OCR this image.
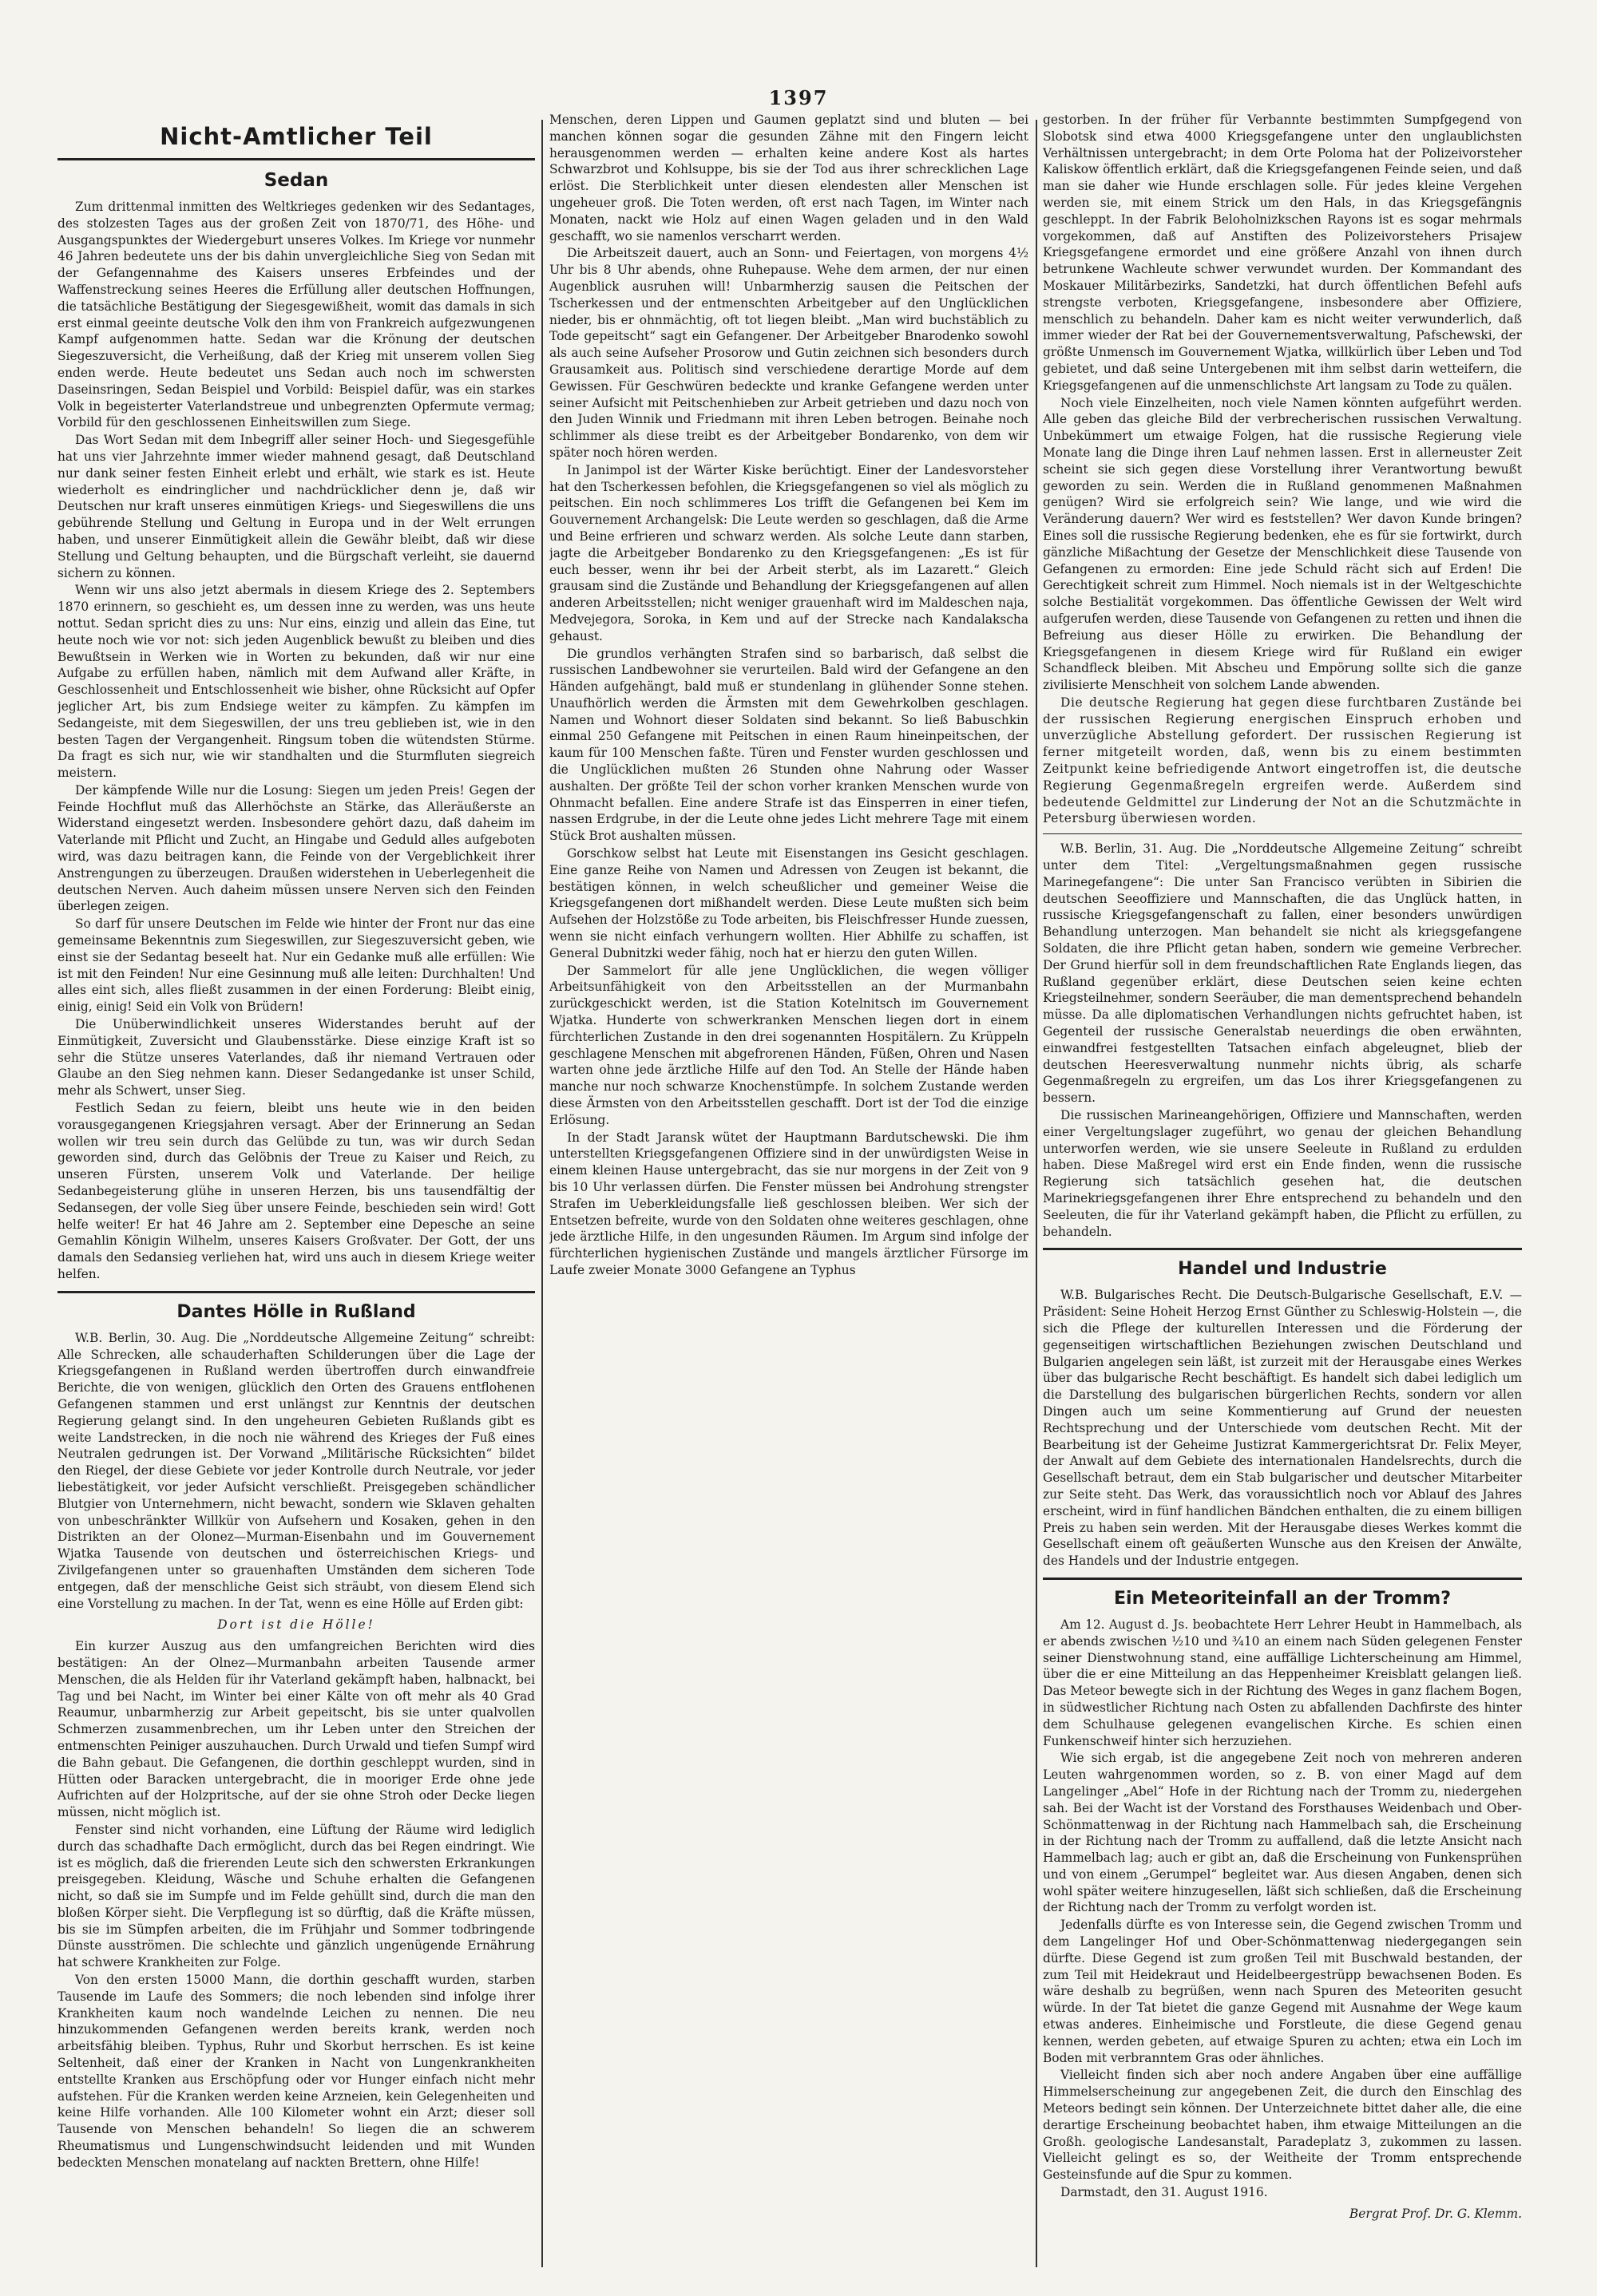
1397
Nicht-Amtlicher Teil
Sedan

Zum drittenmal inmitten des Weltkrieges gedenken wir des Sedantages, des stolzesten Tages aus der großen Zeit von 1870/71, des Höhe- und Ausgangspunktes der Wiedergeburt unseres Volkes. Im Kriege vor nunmehr 46 Jahren bedeutete uns der bis dahin unvergleichliche Sieg von Sedan mit der Gefangennahme des Kaisers unseres Erbfeindes und der Waffenstreckung seines Heeres die Erfüllung aller deutschen Hoffnungen, die tatsächliche Bestätigung der Siegesgewißheit, womit das damals in sich erst einmal geeinte deutsche Volk den ihm von Frankreich aufgezwungenen Kampf aufgenommen hatte. Sedan war die Krönung der deutschen Siegeszuversicht, die Verheißung, daß der Krieg mit unserem vollen Sieg enden werde. Heute bedeutet uns Sedan auch noch im schwersten Daseinsringen, Sedan Beispiel und Vorbild: Beispiel dafür, was ein starkes Volk in begeisterter Vaterlandstreue und unbegrenzten Opfermute vermag; Vorbild für den geschlossenen Einheitswillen zum Siege.

Das Wort Sedan mit dem Inbegriff aller seiner Hoch- und Siegesgefühle hat uns vier Jahrzehnte immer wieder mahnend gesagt, daß Deutschland nur dank seiner festen Einheit erlebt und erhält, wie stark es ist. Heute wiederholt es eindringlicher und nachdrücklicher denn je, daß wir Deutschen nur kraft unseres einmütigen Kriegs- und Siegeswillens die uns gebührende Stellung und Geltung in Europa und in der Welt errungen haben, und unserer Einmütigkeit allein die Gewähr bleibt, daß wir diese Stellung und Geltung behaupten, und die Bürgschaft verleiht, sie dauernd sichern zu können.

Wenn wir uns also jetzt abermals in diesem Kriege des 2. Septembers 1870 erinnern, so geschieht es, um dessen inne zu werden, was uns heute nottut. Sedan spricht dies zu uns: Nur eins, einzig und allein das Eine, tut heute noch wie vor not: sich jeden Augenblick bewußt zu bleiben und dies Bewußtsein in Werken wie in Worten zu bekunden, daß wir nur eine Aufgabe zu erfüllen haben, nämlich mit dem Aufwand aller Kräfte, in Geschlossenheit und Entschlossenheit wie bisher, ohne Rücksicht auf Opfer jeglicher Art, bis zum Endsiege weiter zu kämpfen. Zu kämpfen im Sedangeiste, mit dem Siegeswillen, der uns treu geblieben ist, wie in den besten Tagen der Vergangenheit. Ringsum toben die wütendsten Stürme. Da fragt es sich nur, wie wir standhalten und die Sturmfluten siegreich meistern.

Der kämpfende Wille nur die Losung: Siegen um jeden Preis! Gegen der Feinde Hochflut muß das Allerhöchste an Stärke, das Alleräußerste an Widerstand eingesetzt werden. Insbesondere gehört dazu, daß daheim im Vaterlande mit Pflicht und Zucht, an Hingabe und Geduld alles aufgeboten wird, was dazu beitragen kann, die Feinde von der Vergeblichkeit ihrer Anstrengungen zu überzeugen. Draußen widerstehen in Ueberlegenheit die deutschen Nerven. Auch daheim müssen unsere Nerven sich den Feinden überlegen zeigen.

So darf für unsere Deutschen im Felde wie hinter der Front nur das eine gemeinsame Bekenntnis zum Siegeswillen, zur Siegeszuversicht geben, wie einst sie der Sedantag beseelt hat. Nur ein Gedanke muß alle erfüllen: Wie ist mit den Feinden! Nur eine Gesinnung muß alle leiten: Durchhalten! Und alles eint sich, alles fließt zusammen in der einen Forderung: Bleibt einig, einig, einig! Seid ein Volk von Brüdern!

Die Unüberwindlichkeit unseres Widerstandes beruht auf der Einmütigkeit, Zuversicht und Glaubensstärke. Diese einzige Kraft ist so sehr die Stütze unseres Vaterlandes, daß ihr niemand Vertrauen oder Glaube an den Sieg nehmen kann. Dieser Sedangedanke ist unser Schild, mehr als Schwert, unser Sieg.

Festlich Sedan zu feiern, bleibt uns heute wie in den beiden vorausgegangenen Kriegsjahren versagt. Aber der Erinnerung an Sedan wollen wir treu sein durch das Gelübde zu tun, was wir durch Sedan geworden sind, durch das Gelöbnis der Treue zu Kaiser und Reich, zu unseren Fürsten, unserem Volk und Vaterlande. Der heilige Sedanbegeisterung glühe in unseren Herzen, bis uns tausendfältig der Sedansegen, der volle Sieg über unsere Feinde, beschieden sein wird! Gott helfe weiter! Er hat 46 Jahre am 2. September eine Depesche an seine Gemahlin Königin Wilhelm, unseres Kaisers Großvater. Der Gott, der uns damals den Sedansieg verliehen hat, wird uns auch in diesem Kriege weiter helfen.

Dantes Hölle in Rußland

W.B. Berlin, 30. Aug. Die „Norddeutsche Allgemeine Zeitung“ schreibt: Alle Schrecken, alle schauderhaften Schilderungen über die Lage der Kriegsgefangenen in Rußland werden übertroffen durch einwandfreie Berichte, die von wenigen, glücklich den Orten des Grauens entflohenen Gefangenen stammen und erst unlängst zur Kenntnis der deutschen Regierung gelangt sind. In den ungeheuren Gebieten Rußlands gibt es weite Landstrecken, in die noch nie während des Krieges der Fuß eines Neutralen gedrungen ist. Der Vorwand „Militärische Rücksichten“ bildet den Riegel, der diese Gebiete vor jeder Kontrolle durch Neutrale, vor jeder liebestätigkeit, vor jeder Aufsicht verschließt. Preisgegeben schändlicher Blutgier von Unternehmern, nicht bewacht, sondern wie Sklaven gehalten von unbeschränkter Willkür von Aufsehern und Kosaken, gehen in den Distrikten an der Olonez—Murman-Eisenbahn und im Gouvernement Wjatka Tausende von deutschen und österreichischen Kriegs- und Zivilgefangenen unter so grauenhaften Umständen dem sicheren Tode entgegen, daß der menschliche Geist sich sträubt, von diesem Elend sich eine Vorstellung zu machen. In der Tat, wenn es eine Hölle auf Erden gibt:

Dort ist die Hölle!

Ein kurzer Auszug aus den umfangreichen Berichten wird dies bestätigen: An der Olnez—Murmanbahn arbeiten Tausende armer Menschen, die als Helden für ihr Vaterland gekämpft haben, halbnackt, bei Tag und bei Nacht, im Winter bei einer Kälte von oft mehr als 40 Grad Reaumur, unbarmherzig zur Arbeit gepeitscht, bis sie unter qualvollen Schmerzen zusammenbrechen, um ihr Leben unter den Streichen der entmenschten Peiniger auszuhauchen. Durch Urwald und tiefen Sumpf wird die Bahn gebaut. Die Gefangenen, die dorthin geschleppt wurden, sind in Hütten oder Baracken untergebracht, die in mooriger Erde ohne jede Aufrichten auf der Holzpritsche, auf der sie ohne Stroh oder Decke liegen müssen, nicht möglich ist.

Fenster sind nicht vorhanden, eine Lüftung der Räume wird lediglich durch das schadhafte Dach ermöglicht, durch das bei Regen eindringt. Wie ist es möglich, daß die frierenden Leute sich den schwersten Erkrankungen preisgegeben. Kleidung, Wäsche und Schuhe erhalten die Gefangenen nicht, so daß sie im Sumpfe und im Felde gehüllt sind, durch die man den bloßen Körper sieht. Die Verpflegung ist so dürftig, daß die Kräfte müssen, bis sie im Sümpfen arbeiten, die im Frühjahr und Sommer todbringende Dünste ausströmen. Die schlechte und gänzlich ungenügende Ernährung hat schwere Krankheiten zur Folge.

Von den ersten 15000 Mann, die dorthin geschafft wurden, starben Tausende im Laufe des Sommers; die noch lebenden sind infolge ihrer Krankheiten kaum noch wandelnde Leichen zu nennen. Die neu hinzukommenden Gefangenen werden bereits krank, werden noch arbeitsfähig bleiben. Typhus, Ruhr und Skorbut herrschen. Es ist keine Seltenheit, daß einer der Kranken in Nacht von Lungenkrankheiten entstellte Kranken aus Erschöpfung oder vor Hunger einfach nicht mehr aufstehen. Für die Kranken werden keine Arzneien, kein Gelegenheiten und keine Hilfe vorhanden. Alle 100 Kilometer wohnt ein Arzt; dieser soll Tausende von Menschen behandeln! So liegen die an schwerem Rheumatismus und Lungenschwindsucht leidenden und mit Wunden bedeckten Menschen monatelang auf nackten Brettern, ohne Hilfe!

Menschen, deren Lippen und Gaumen geplatzt sind und bluten — bei manchen können sogar die gesunden Zähne mit den Fingern leicht herausgenommen werden — erhalten keine andere Kost als hartes Schwarzbrot und Kohlsuppe, bis sie der Tod aus ihrer schrecklichen Lage erlöst. Die Sterblichkeit unter diesen elendesten aller Menschen ist ungeheuer groß. Die Toten werden, oft erst nach Tagen, im Winter nach Monaten, nackt wie Holz auf einen Wagen geladen und in den Wald geschafft, wo sie namenlos verscharrt werden.

Die Arbeitszeit dauert, auch an Sonn- und Feiertagen, von morgens 4½ Uhr bis 8 Uhr abends, ohne Ruhepause. Wehe dem armen, der nur einen Augenblick ausruhen will! Unbarmherzig sausen die Peitschen der Tscherkessen und der entmenschten Arbeitgeber auf den Unglücklichen nieder, bis er ohnmächtig, oft tot liegen bleibt. „Man wird buchstäblich zu Tode gepeitscht“ sagt ein Gefangener. Der Arbeitgeber Bnarodenko sowohl als auch seine Aufseher Prosorow und Gutin zeichnen sich besonders durch Grausamkeit aus. Politisch sind verschiedene derartige Morde auf dem Gewissen. Für Geschwüren bedeckte und kranke Gefangene werden unter seiner Aufsicht mit Peitschenhieben zur Arbeit getrieben und dazu noch von den Juden Winnik und Friedmann mit ihren Leben betrogen. Beinahe noch schlimmer als diese treibt es der Arbeitgeber Bondarenko, von dem wir später noch hören werden.

In Janimpol ist der Wärter Kiske berüchtigt. Einer der Landesvorsteher hat den Tscherkessen befohlen, die Kriegsgefangenen so viel als möglich zu peitschen. Ein noch schlimmeres Los trifft die Gefangenen bei Kem im Gouvernement Archangelsk: Die Leute werden so geschlagen, daß die Arme und Beine erfrieren und schwarz werden. Als solche Leute dann starben, jagte die Arbeitgeber Bondarenko zu den Kriegsgefangenen: „Es ist für euch besser, wenn ihr bei der Arbeit sterbt, als im Lazarett.“ Gleich grausam sind die Zustände und Behandlung der Kriegsgefangenen auf allen anderen Arbeitsstellen; nicht weniger grauenhaft wird im Maldeschen naja, Medvejegora, Soroka, in Kem und auf der Strecke nach Kandalakscha gehaust.

Die grundlos verhängten Strafen sind so barbarisch, daß selbst die russischen Landbewohner sie verurteilen. Bald wird der Gefangene an den Händen aufgehängt, bald muß er stundenlang in glühender Sonne stehen. Unaufhörlich werden die Ärmsten mit dem Gewehrkolben geschlagen. Namen und Wohnort dieser Soldaten sind bekannt. So ließ Babuschkin einmal 250 Gefangene mit Peitschen in einen Raum hineinpeitschen, der kaum für 100 Menschen faßte. Türen und Fenster wurden geschlossen und die Unglücklichen mußten 26 Stunden ohne Nahrung oder Wasser aushalten. Der größte Teil der schon vorher kranken Menschen wurde von Ohnmacht befallen. Eine andere Strafe ist das Einsperren in einer tiefen, nassen Erdgrube, in der die Leute ohne jedes Licht mehrere Tage mit einem Stück Brot aushalten müssen.

Gorschkow selbst hat Leute mit Eisenstangen ins Gesicht geschlagen. Eine ganze Reihe von Namen und Adressen von Zeugen ist bekannt, die bestätigen können, in welch scheußlicher und gemeiner Weise die Kriegsgefangenen dort mißhandelt werden. Diese Leute mußten sich beim Aufsehen der Holzstöße zu Tode arbeiten, bis Fleischfresser Hunde zuessen, wenn sie nicht einfach verhungern wollten. Hier Abhilfe zu schaffen, ist General Dubnitzki weder fähig, noch hat er hierzu den guten Willen.

Der Sammelort für alle jene Unglücklichen, die wegen völliger Arbeitsunfähigkeit von den Arbeitsstellen an der Murmanbahn zurückgeschickt werden, ist die Station Kotelnitsch im Gouvernement Wjatka. Hunderte von schwerkranken Menschen liegen dort in einem fürchterlichen Zustande in den drei sogenannten Hospitälern. Zu Krüppeln geschlagene Menschen mit abgefrorenen Händen, Füßen, Ohren und Nasen warten ohne jede ärztliche Hilfe auf den Tod. An Stelle der Hände haben manche nur noch schwarze Knochenstümpfe. In solchem Zustande werden diese Ärmsten von den Arbeitsstellen geschafft. Dort ist der Tod die einzige Erlösung.

In der Stadt Jaransk wütet der Hauptmann Bardutschewski. Die ihm unterstellten Kriegsgefangenen Offiziere sind in der unwürdigsten Weise in einem kleinen Hause untergebracht, das sie nur morgens in der Zeit von 9 bis 10 Uhr verlassen dürfen. Die Fenster müssen bei Androhung strengster Strafen im Ueberkleidungsfalle ließ geschlossen bleiben. Wer sich der Entsetzen befreite, wurde von den Soldaten ohne weiteres geschlagen, ohne jede ärztliche Hilfe, in den ungesunden Räumen. Im Argum sind infolge der fürchterlichen hygienischen Zustände und mangels ärztlicher Fürsorge im Laufe zweier Monate 3000 Gefangene an Typhus

gestorben. In der früher für Verbannte bestimmten Sumpfgegend von Slobotsk sind etwa 4000 Kriegsgefangene unter den unglaublichsten Verhältnissen untergebracht; in dem Orte Poloma hat der Polizeivorsteher Kaliskow öffentlich erklärt, daß die Kriegsgefangenen Feinde seien, und daß man sie daher wie Hunde erschlagen solle. Für jedes kleine Vergehen werden sie, mit einem Strick um den Hals, in das Kriegsgefängnis geschleppt. In der Fabrik Beloholnizkschen Rayons ist es sogar mehrmals vorgekommen, daß auf Anstiften des Polizeivorstehers Prisajew Kriegsgefangene ermordet und eine größere Anzahl von ihnen durch betrunkene Wachleute schwer verwundet wurden. Der Kommandant des Moskauer Militärbezirks, Sandetzki, hat durch öffentlichen Befehl aufs strengste verboten, Kriegsgefangene, insbesondere aber Offiziere, menschlich zu behandeln. Daher kam es nicht weiter verwunderlich, daß immer wieder der Rat bei der Gouvernementsverwaltung, Pafschewski, der größte Unmensch im Gouvernement Wjatka, willkürlich über Leben und Tod gebietet, und daß seine Untergebenen mit ihm selbst darin wetteifern, die Kriegsgefangenen auf die unmenschlichste Art langsam zu Tode zu quälen.

Noch viele Einzelheiten, noch viele Namen könnten aufgeführt werden. Alle geben das gleiche Bild der verbrecherischen russischen Verwaltung. Unbekümmert um etwaige Folgen, hat die russische Regierung viele Monate lang die Dinge ihren Lauf nehmen lassen. Erst in allerneuster Zeit scheint sie sich gegen diese Vorstellung ihrer Verantwortung bewußt geworden zu sein. Werden die in Rußland genommenen Maßnahmen genügen? Wird sie erfolgreich sein? Wie lange, und wie wird die Veränderung dauern? Wer wird es feststellen? Wer davon Kunde bringen? Eines soll die russische Regierung bedenken, ehe es für sie fortwirkt, durch gänzliche Mißachtung der Gesetze der Menschlichkeit diese Tausende von Gefangenen zu ermorden: Eine jede Schuld rächt sich auf Erden! Die Gerechtigkeit schreit zum Himmel. Noch niemals ist in der Weltgeschichte solche Bestialität vorgekommen. Das öffentliche Gewissen der Welt wird aufgerufen werden, diese Tausende von Gefangenen zu retten und ihnen die Befreiung aus dieser Hölle zu erwirken. Die Behandlung der Kriegsgefangenen in diesem Kriege wird für Rußland ein ewiger Schandfleck bleiben. Mit Abscheu und Empörung sollte sich die ganze zivilisierte Menschheit von solchem Lande abwenden.

Die deutsche Regierung hat gegen diese furchtbaren Zustände bei der russischen Regierung energischen Einspruch erhoben und unverzügliche Abstellung gefordert. Der russischen Regierung ist ferner mitgeteilt worden, daß, wenn bis zu einem bestimmten Zeitpunkt keine befriedigende Antwort eingetroffen ist, die deutsche Regierung Gegenmaßregeln ergreifen werde. Außerdem sind bedeutende Geldmittel zur Linderung der Not an die Schutzmächte in Petersburg überwiesen worden.

W.B. Berlin, 31. Aug. Die „Norddeutsche Allgemeine Zeitung“ schreibt unter dem Titel: „Vergeltungsmaßnahmen gegen russische Marinegefangene“: Die unter San Francisco verübten in Sibirien die deutschen Seeoffiziere und Mannschaften, die das Unglück hatten, in russische Kriegsgefangenschaft zu fallen, einer besonders unwürdigen Behandlung unterzogen. Man behandelt sie nicht als kriegsgefangene Soldaten, die ihre Pflicht getan haben, sondern wie gemeine Verbrecher. Der Grund hierfür soll in dem freundschaftlichen Rate Englands liegen, das Rußland gegenüber erklärt, diese Deutschen seien keine echten Kriegsteilnehmer, sondern Seeräuber, die man dementsprechend behandeln müsse. Da alle diplomatischen Verhandlungen nichts gefruchtet haben, ist Gegenteil der russische Generalstab neuerdings die oben erwähnten, einwandfrei festgestellten Tatsachen einfach abgeleugnet, blieb der deutschen Heeresverwaltung nunmehr nichts übrig, als scharfe Gegenmaßregeln zu ergreifen, um das Los ihrer Kriegsgefangenen zu bessern.

Die russischen Marineangehörigen, Offiziere und Mannschaften, werden einer Vergeltungslager zugeführt, wo genau der gleichen Behandlung unterworfen werden, wie sie unsere Seeleute in Rußland zu erdulden haben. Diese Maßregel wird erst ein Ende finden, wenn die russische Regierung sich tatsächlich gesehen hat, die deutschen Marinekriegsgefangenen ihrer Ehre entsprechend zu behandeln und den Seeleuten, die für ihr Vaterland gekämpft haben, die Pflicht zu erfüllen, zu behandeln.

Handel und Industrie

W.B. Bulgarisches Recht. Die Deutsch-Bulgarische Gesellschaft, E.V. — Präsident: Seine Hoheit Herzog Ernst Günther zu Schleswig-Holstein —, die sich die Pflege der kulturellen Interessen und die Förderung der gegenseitigen wirtschaftlichen Beziehungen zwischen Deutschland und Bulgarien angelegen sein läßt, ist zurzeit mit der Herausgabe eines Werkes über das bulgarische Recht beschäftigt. Es handelt sich dabei lediglich um die Darstellung des bulgarischen bürgerlichen Rechts, sondern vor allen Dingen auch um seine Kommentierung auf Grund der neuesten Rechtsprechung und der Unterschiede vom deutschen Recht. Mit der Bearbeitung ist der Geheime Justizrat Kammergerichtsrat Dr. Felix Meyer, der Anwalt auf dem Gebiete des internationalen Handelsrechts, durch die Gesellschaft betraut, dem ein Stab bulgarischer und deutscher Mitarbeiter zur Seite steht. Das Werk, das voraussichtlich noch vor Ablauf des Jahres erscheint, wird in fünf handlichen Bändchen enthalten, die zu einem billigen Preis zu haben sein werden. Mit der Herausgabe dieses Werkes kommt die Gesellschaft einem oft geäußerten Wunsche aus den Kreisen der Anwälte, des Handels und der Industrie entgegen.

Ein Meteoriteinfall an der Tromm?

Am 12. August d. Js. beobachtete Herr Lehrer Heubt in Hammelbach, als er abends zwischen ½10 und ¾10 an einem nach Süden gelegenen Fenster seiner Dienstwohnung stand, eine auffällige Lichterscheinung am Himmel, über die er eine Mitteilung an das Heppenheimer Kreisblatt gelangen ließ. Das Meteor bewegte sich in der Richtung des Weges in ganz flachem Bogen, in südwestlicher Richtung nach Osten zu abfallenden Dachfirste des hinter dem Schulhause gelegenen evangelischen Kirche. Es schien einen Funkenschweif hinter sich herzuziehen.

Wie sich ergab, ist die angegebene Zeit noch von mehreren anderen Leuten wahrgenommen worden, so z. B. von einer Magd auf dem Langelinger „Abel“ Hofe in der Richtung nach der Tromm zu, niedergehen sah. Bei der Wacht ist der Vorstand des Forsthauses Weidenbach und Ober-Schönmattenwag in der Richtung nach Hammelbach sah, die Erscheinung in der Richtung nach der Tromm zu auffallend, daß die letzte Ansicht nach Hammelbach lag; auch er gibt an, daß die Erscheinung von Funkensprühen und von einem „Gerumpel“ begleitet war. Aus diesen Angaben, denen sich wohl später weitere hinzugesellen, läßt sich schließen, daß die Erscheinung der Richtung nach der Tromm zu verfolgt worden ist.

Jedenfalls dürfte es von Interesse sein, die Gegend zwischen Tromm und dem Langelinger Hof und Ober-Schönmattenwag niedergegangen sein dürfte. Diese Gegend ist zum großen Teil mit Buschwald bestanden, der zum Teil mit Heidekraut und Heidelbeergestrüpp bewachsenen Boden. Es wäre deshalb zu begrüßen, wenn nach Spuren des Meteoriten gesucht würde. In der Tat bietet die ganze Gegend mit Ausnahme der Wege kaum etwas anderes. Einheimische und Forstleute, die diese Gegend genau kennen, werden gebeten, auf etwaige Spuren zu achten; etwa ein Loch im Boden mit verbranntem Gras oder ähnliches.

Vielleicht finden sich aber noch andere Angaben über eine auffällige Himmelserscheinung zur angegebenen Zeit, die durch den Einschlag des Meteors bedingt sein können. Der Unterzeichnete bittet daher alle, die eine derartige Erscheinung beobachtet haben, ihm etwaige Mitteilungen an die Großh. geologische Landesanstalt, Paradeplatz 3, zukommen zu lassen. Vielleicht gelingt es so, der Weitheite der Tromm entsprechende Gesteinsfunde auf die Spur zu kommen.

Darmstadt, den 31. August 1916.

Bergrat Prof. Dr. G. Klemm.
